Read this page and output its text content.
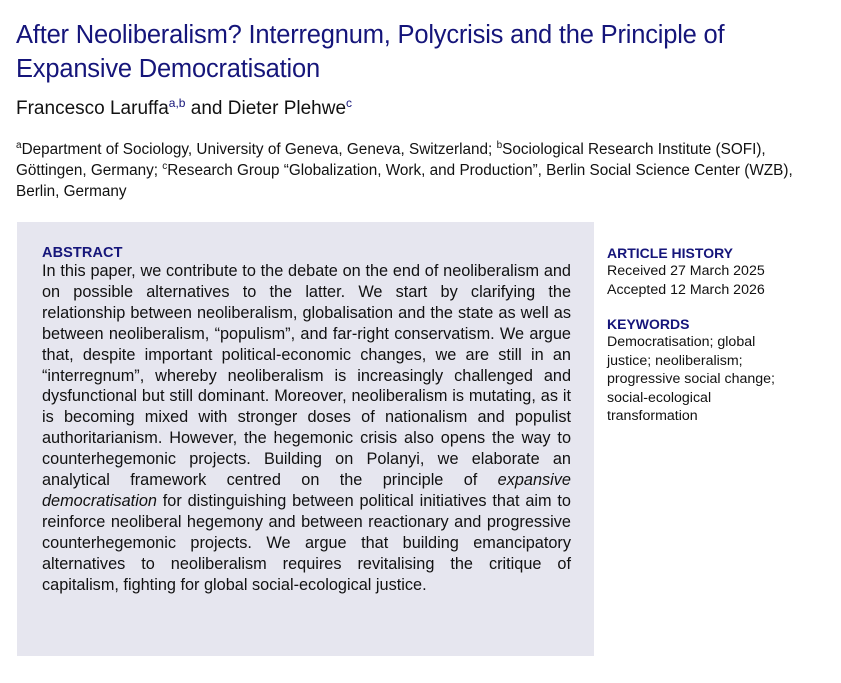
After Neoliberalism? Interregnum, Polycrisis and the Principle of Expansive Democratisation
Francesco Laruffa$^{a,b}$ and Dieter Plehwe$^c$
$^a$Department of Sociology, University of Geneva, Geneva, Switzerland; $^b$Sociological Research Institute (SOFI), Göttingen, Germany; $^c$Research Group “Globalization, Work, and Production”, Berlin Social Science Center (WZB), Berlin, Germany
ABSTRACT

In this paper, we contribute to the debate on the end of neoliberalism and on possible alternatives to the latter. We start by clarifying the relationship between neoliberalism, globalisation and the state as well as between neoliberalism, “populism”, and far-right conservatism. We argue that, despite important political-economic changes, we are still in an “interregnum”, whereby neoliberalism is increasingly challenged and dysfunctional but still dominant. Moreover, neoliberalism is mutating, as it is becoming mixed with stronger doses of nationalism and populist authoritarianism. However, the hegemonic crisis also opens the way to counterhegemonic projects. Building on Polanyi, we elaborate an analytical framework centred on the principle of expansive democratisation for distinguishing between political initiatives that aim to reinforce neoliberal hegemony and between reactionary and progressive counterhegemonic projects. We argue that building emancipatory alternatives to neoliberalism requires revitalising the critique of capitalism, fighting for global social-ecological justice.

ARTICLE HISTORY
Received 27 March 2025
Accepted 12 March 2026
KEYWORDS
Democratisation; global justice; neoliberalism; progressive social change; social-ecological transformation
